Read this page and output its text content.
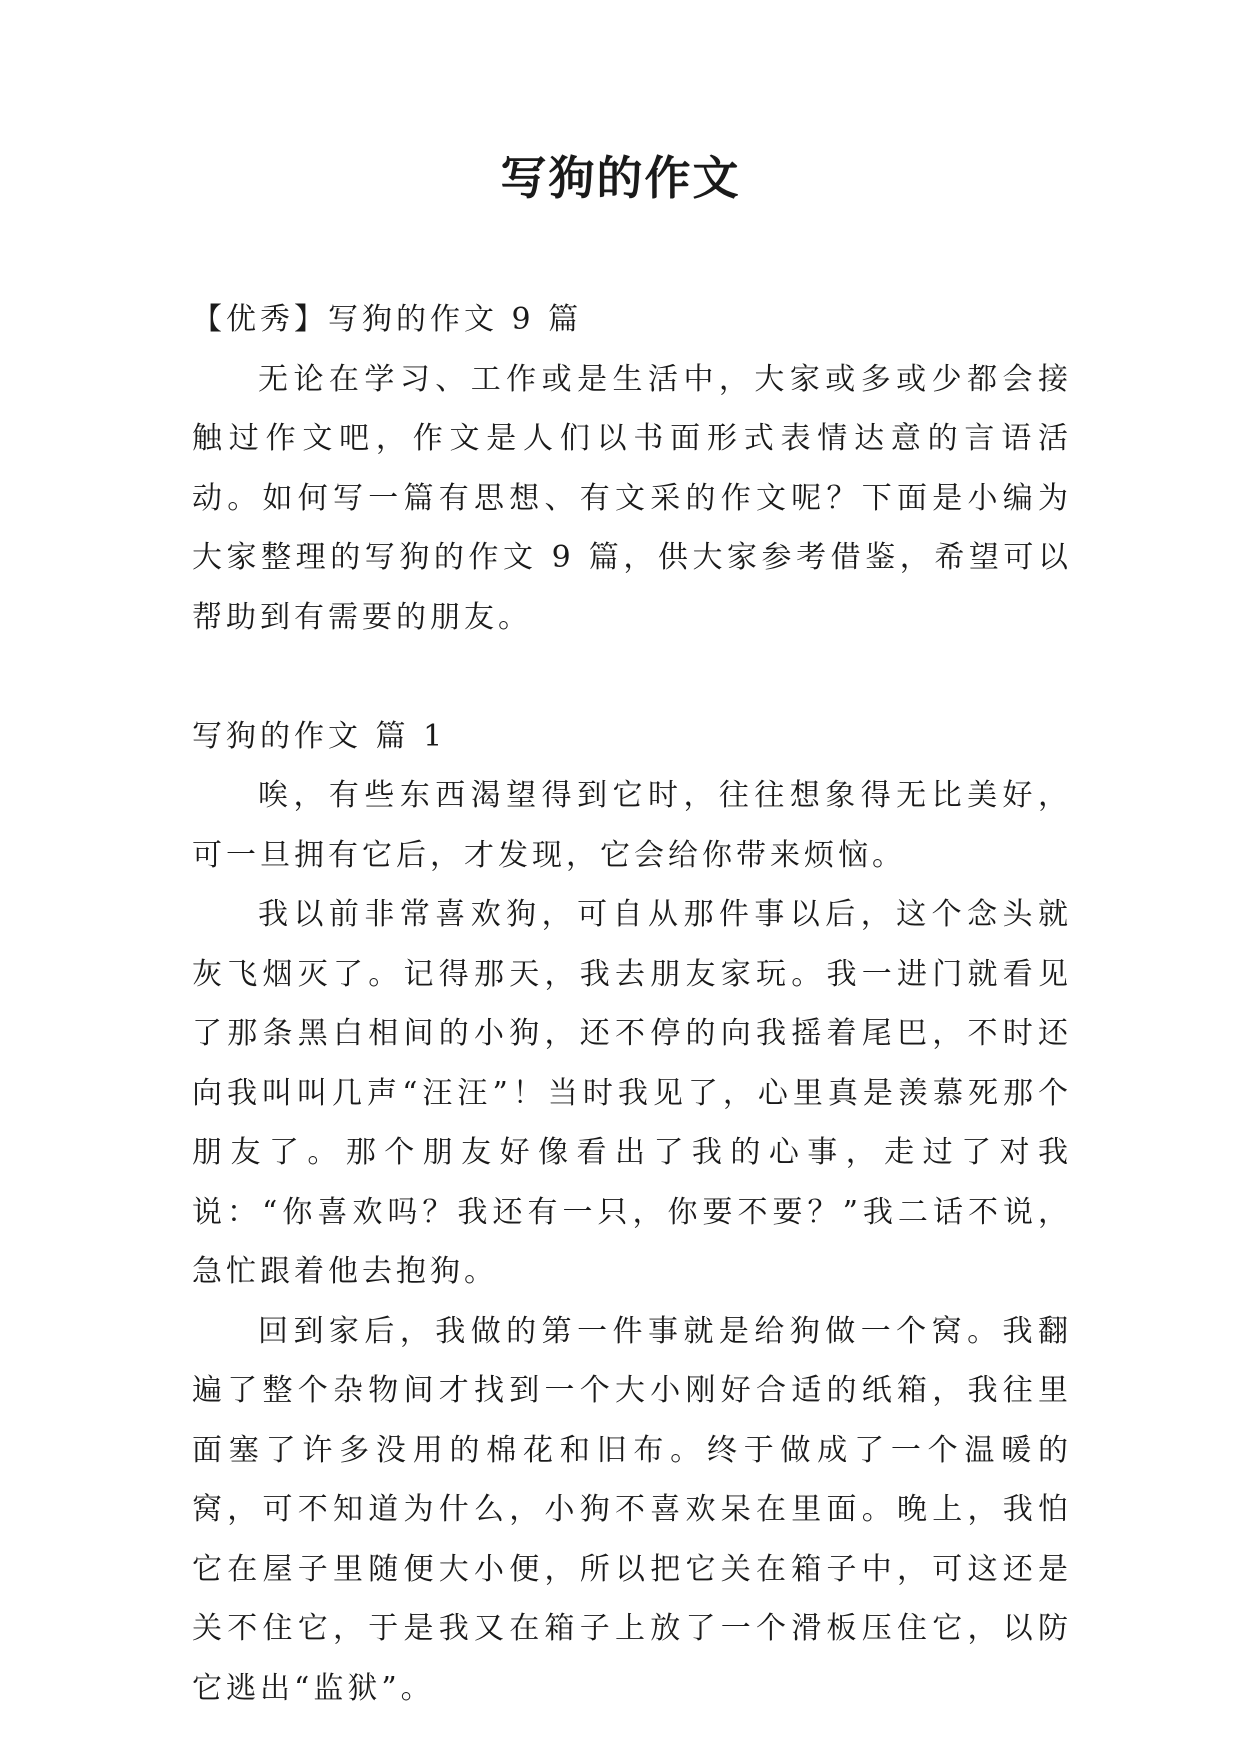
写狗的作文

【优秀】写狗的作文 9 篇

无论在学习、工作或是生活中，大家或多或少都会接触过作文吧，作文是人们以书面形式表情达意的言语活动。如何写一篇有思想、有文采的作文呢？下面是小编为大家整理的写狗的作文 9 篇，供大家参考借鉴，希望可以帮助到有需要的朋友。

写狗的作文 篇 1

唉，有些东西渴望得到它时，往往想象得无比美好，可一旦拥有它后，才发现，它会给你带来烦恼。

我以前非常喜欢狗，可自从那件事以后，这个念头就灰飞烟灭了。记得那天，我去朋友家玩。我一进门就看见了那条黑白相间的小狗，还不停的向我摇着尾巴，不时还向我叫叫几声“汪汪”！当时我见了，心里真是羡慕死那个朋友了。那个朋友好像看出了我的心事，走过了对我说：“你喜欢吗？我还有一只，你要不要？”我二话不说，急忙跟着他去抱狗。

回到家后，我做的第一件事就是给狗做一个窝。我翻遍了整个杂物间才找到一个大小刚好合适的纸箱，我往里面塞了许多没用的棉花和旧布。终于做成了一个温暖的窝，可不知道为什么，小狗不喜欢呆在里面。晚上，我怕它在屋子里随便大小便，所以把它关在箱子中，可这还是关不住它，于是我又在箱子上放了一个滑板压住它，以防它逃出“监狱”。
